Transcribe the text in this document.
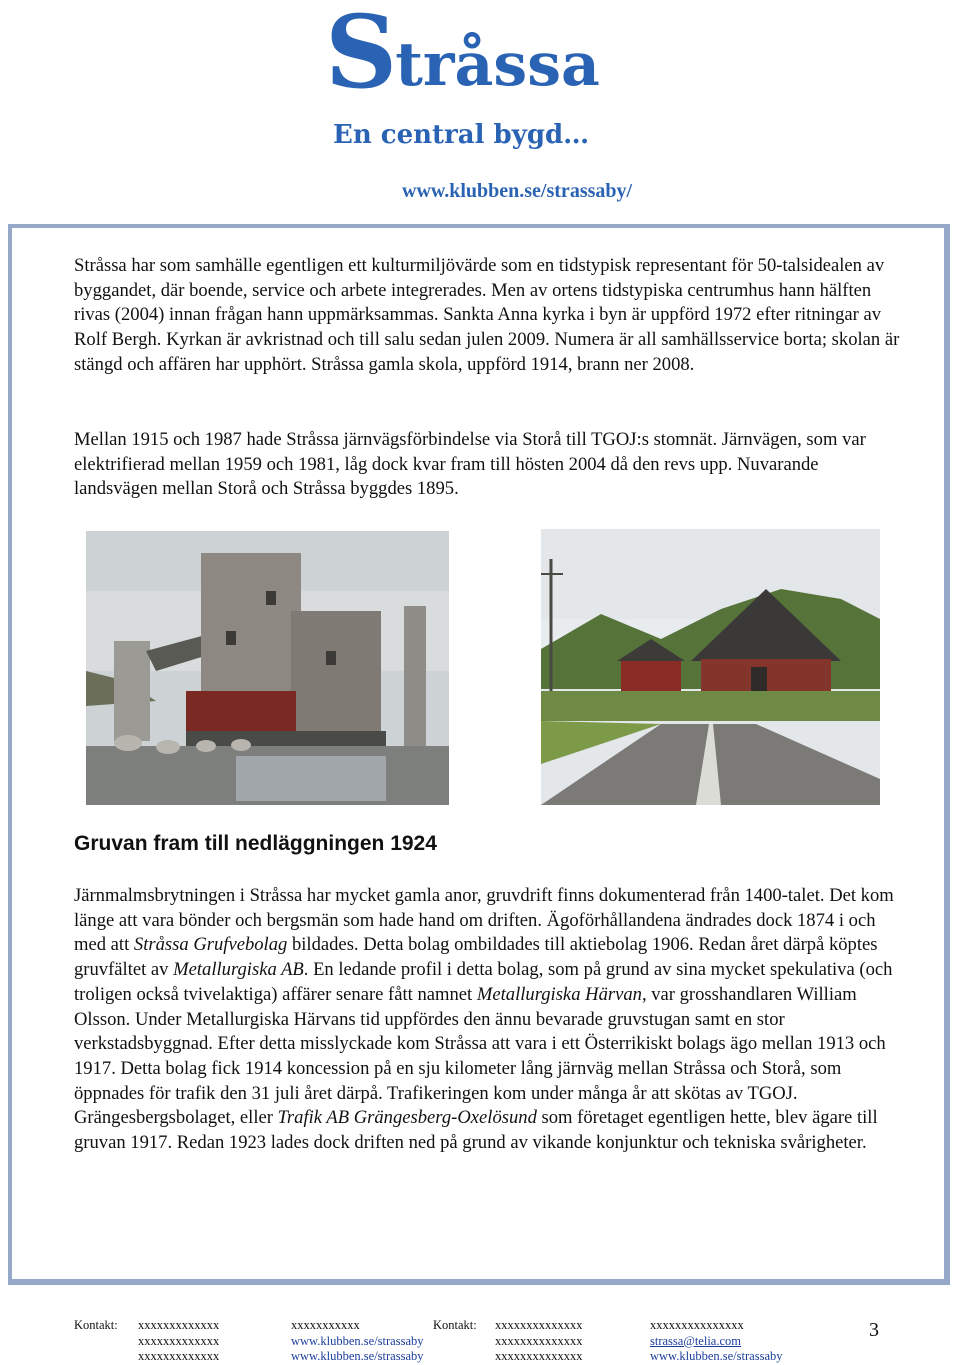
Stråssa
En central bygd…
www.klubben.se/strassaby/

Stråssa har som samhälle egentligen ett kulturmiljövärde som en tidstypisk representant för 50-talsidealen av byggandet, där boende, service och arbete integrerades. Men av ortens tidstypiska centrumhus hann hälften rivas (2004) innan frågan hann uppmärksammas. Sankta Anna kyrka i byn är uppförd 1972 efter ritningar av Rolf Bergh. Kyrkan är avkristnad och till salu sedan julen 2009. Numera är all samhällsservice borta; skolan är stängd och affären har upphört. Stråssa gamla skola, uppförd 1914, brann ner 2008.

Mellan 1915 och 1987 hade Stråssa järnvägsförbindelse via Storå till TGOJ:s stomnät. Järnvägen, som var elektrifierad mellan 1959 och 1981, låg dock kvar fram till hösten 2004 då den revs upp. Nuvarande landsvägen mellan Storå och Stråssa byggdes 1895.

Gruvan fram till nedläggningen 1924

Järnmalmsbrytningen i Stråssa har mycket gamla anor, gruvdrift finns dokumenterad från 1400-talet. Det kom länge att vara bönder och bergsmän som hade hand om driften. Ägoförhållandena ändrades dock 1874 i och med att Stråssa Grufvebolag bildades. Detta bolag ombildades till aktiebolag 1906. Redan året därpå köptes gruvfältet av Metallurgiska AB. En ledande profil i detta bolag, som på grund av sina mycket spekulativa (och troligen också tvivelaktiga) affärer senare fått namnet Metallurgiska Härvan, var grosshandlaren William Olsson. Under Metallurgiska Härvans tid uppfördes den ännu bevarade gruvstugan samt en stor verkstadsbyggnad. Efter detta misslyckade kom Stråssa att vara i ett Österrikiskt bolags ägo mellan 1913 och 1917. Detta bolag fick 1914 koncession på en sju kilometer lång järnväg mellan Stråssa och Storå, som öppnades för trafik den 31 juli året därpå. Trafikeringen kom under många år att skötas av TGOJ. Grängesbergsbolaget, eller Trafik AB Grängesberg-Oxelösund som företaget egentligen hette, blev ägare till gruvan 1917. Redan 1923 lades dock driften ned på grund av vikande konjunktur och tekniska svårigheter.

Kontakt: xxxxxxxxxxxxx
xxxxxxxxxxxxx
xxxxxxxxxxxxx
xxxxxxxxxxx
www.klubben.se/strassaby
www.klubben.se/strassaby
Kontakt: xxxxxxxxxxxxxx
xxxxxxxxxxxxxx
xxxxxxxxxxxxxx
xxxxxxxxxxxxxxx
strassa@telia.com
www.klubben.se/strassaby
3
